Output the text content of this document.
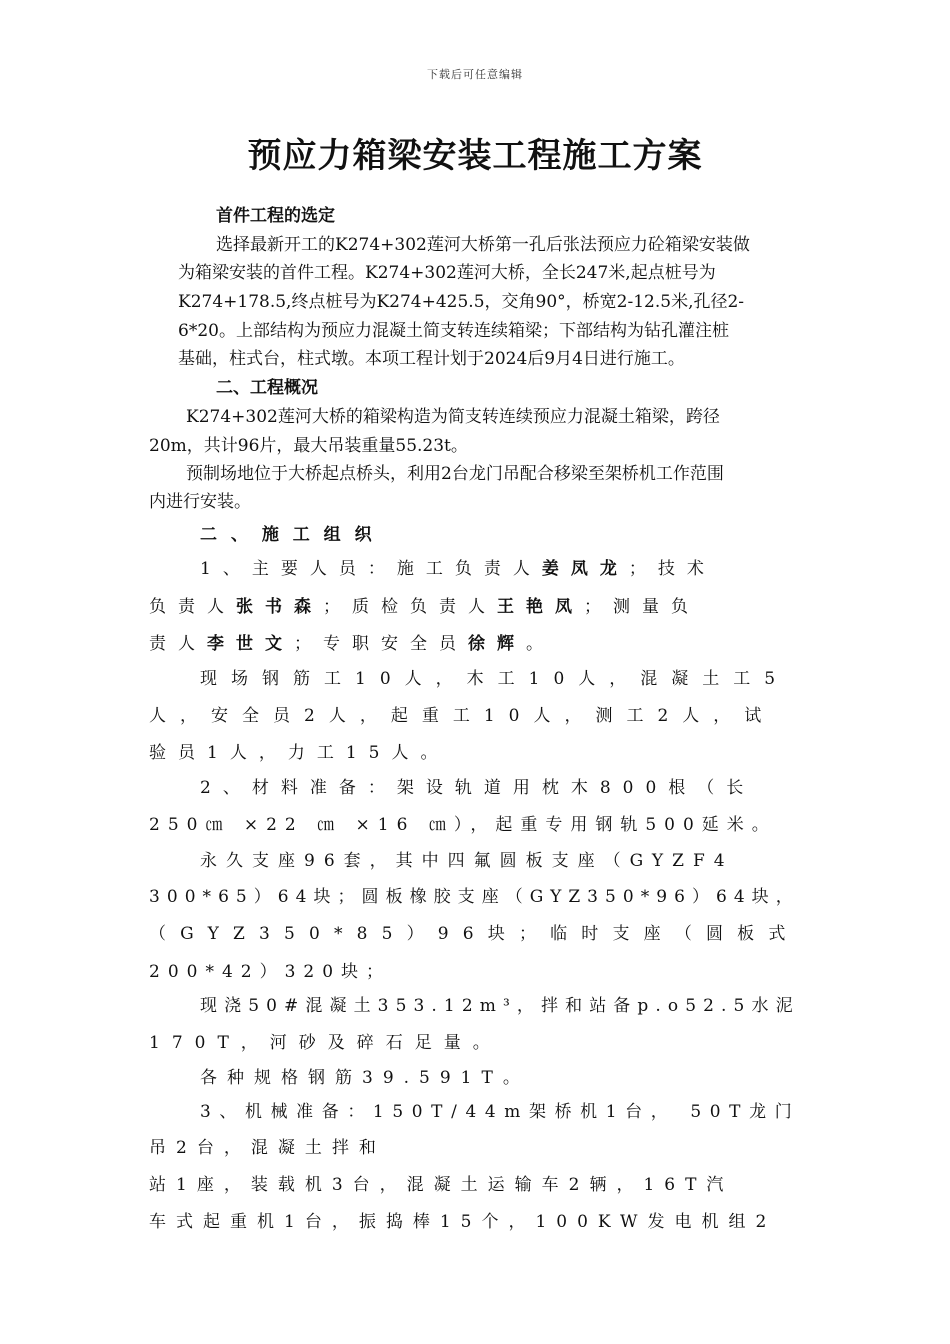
下载后可任意编辑
预应力箱梁安装工程施工方案
首件工程的选定
选择最新开工的K274+302莲河大桥第一孔后张法预应力砼箱梁安装做
为箱梁安装的首件工程。K274+302莲河大桥，全长247米,起点桩号为
K274+178.5,终点桩号为K274+425.5，交角90°，桥宽2-12.5米,孔径2-
6*20。上部结构为预应力混凝土简支转连续箱梁；下部结构为钻孔灌注桩
基础，柱式台，柱式墩。本项工程计划于2024后9月4日进行施工。
二、工程概况
K274+302莲河大桥的箱梁构造为简支转连续预应力混凝土箱梁，跨径
20m，共计96片，最大吊装重量55.23t。
预制场地位于大桥起点桥头，利用2台龙门吊配合移梁至架桥机工作范围
内进行安装。
二 、 施 工 组 织
1、主要人员：施工负责人姜凤龙；技术
负责人张书森；质检负责人王艳凤；测量负
责人李世文；专职安全员徐辉。
现场钢筋工10人，木工10人，混凝土工5
人，安全员2人，起重工10人，测工2人，试
验员1人，力工15人。
2、材料准备：架设轨道用枕木800根（长
250㎝ ×22 ㎝ ×16 ㎝），起重专用钢轨500延米。
永久支座96套，其中四氟圆板支座（GYZF4
300*65）64块；圆板橡胶支座（GYZ350*96）64块，
（GYZ350*85）96块；临时支座（圆板式
200*42）320块；
现浇50#混凝土353.12m³，拌和站备p.o52.5水泥
170T，河砂及碎石足量。
各种规格钢筋39.591T。
3、机械准备：150T/44m架桥机1台， 50T龙门
吊2台，混凝土拌和
站1座，装载机3台，混凝土运输车2辆，16T汽
车式起重机1台，振捣棒15个，100KW发电机组2
